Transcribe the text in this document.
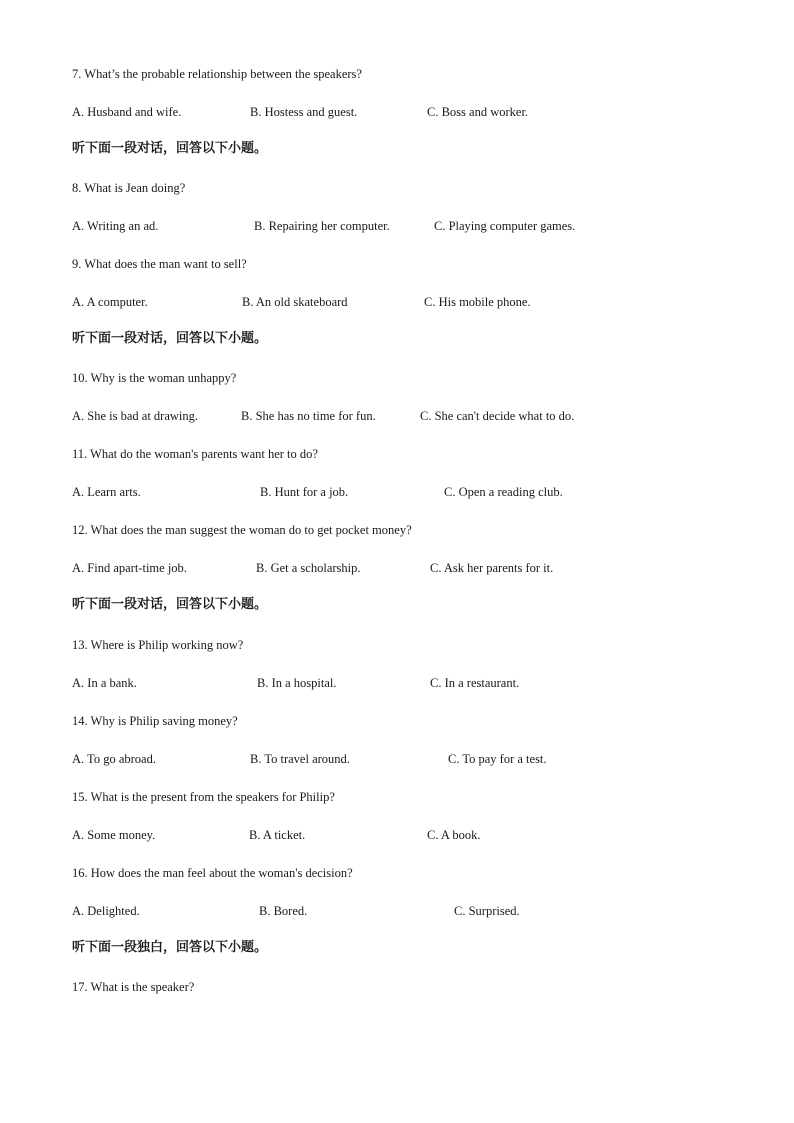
7. What’s the probable relationship between the speakers?
A. Husband and wife.	B. Hostess and guest.	C. Boss and worker.
听下面一段对话，回答以下小题。
8. What is Jean doing?
A. Writing an ad.	B. Repairing her computer.	C. Playing computer games.
9. What does the man want to sell?
A. A computer.	B. An old skateboard	C. His mobile phone.
听下面一段对话，回答以下小题。
10. Why is the woman unhappy?
A. She is bad at drawing.	B. She has no time for fun.	C. She can't decide what to do.
11. What do the woman's parents want her to do?
A. Learn arts.	B. Hunt for a job.	C. Open a reading club.
12. What does the man suggest the woman do to get pocket money?
A. Find apart-time job.	B. Get a scholarship.	C. Ask her parents for it.
听下面一段对话，回答以下小题。
13. Where is Philip working now?
A. In a bank.	B. In a hospital.	C. In a restaurant.
14. Why is Philip saving money?
A. To go abroad.	B. To travel around.	C. To pay for a test.
15. What is the present from the speakers for Philip?
A. Some money.	B. A ticket.	C. A book.
16. How does the man feel about the woman's decision?
A. Delighted.	B. Bored.	C. Surprised.
听下面一段独白，回答以下小题。
17. What is the speaker?
